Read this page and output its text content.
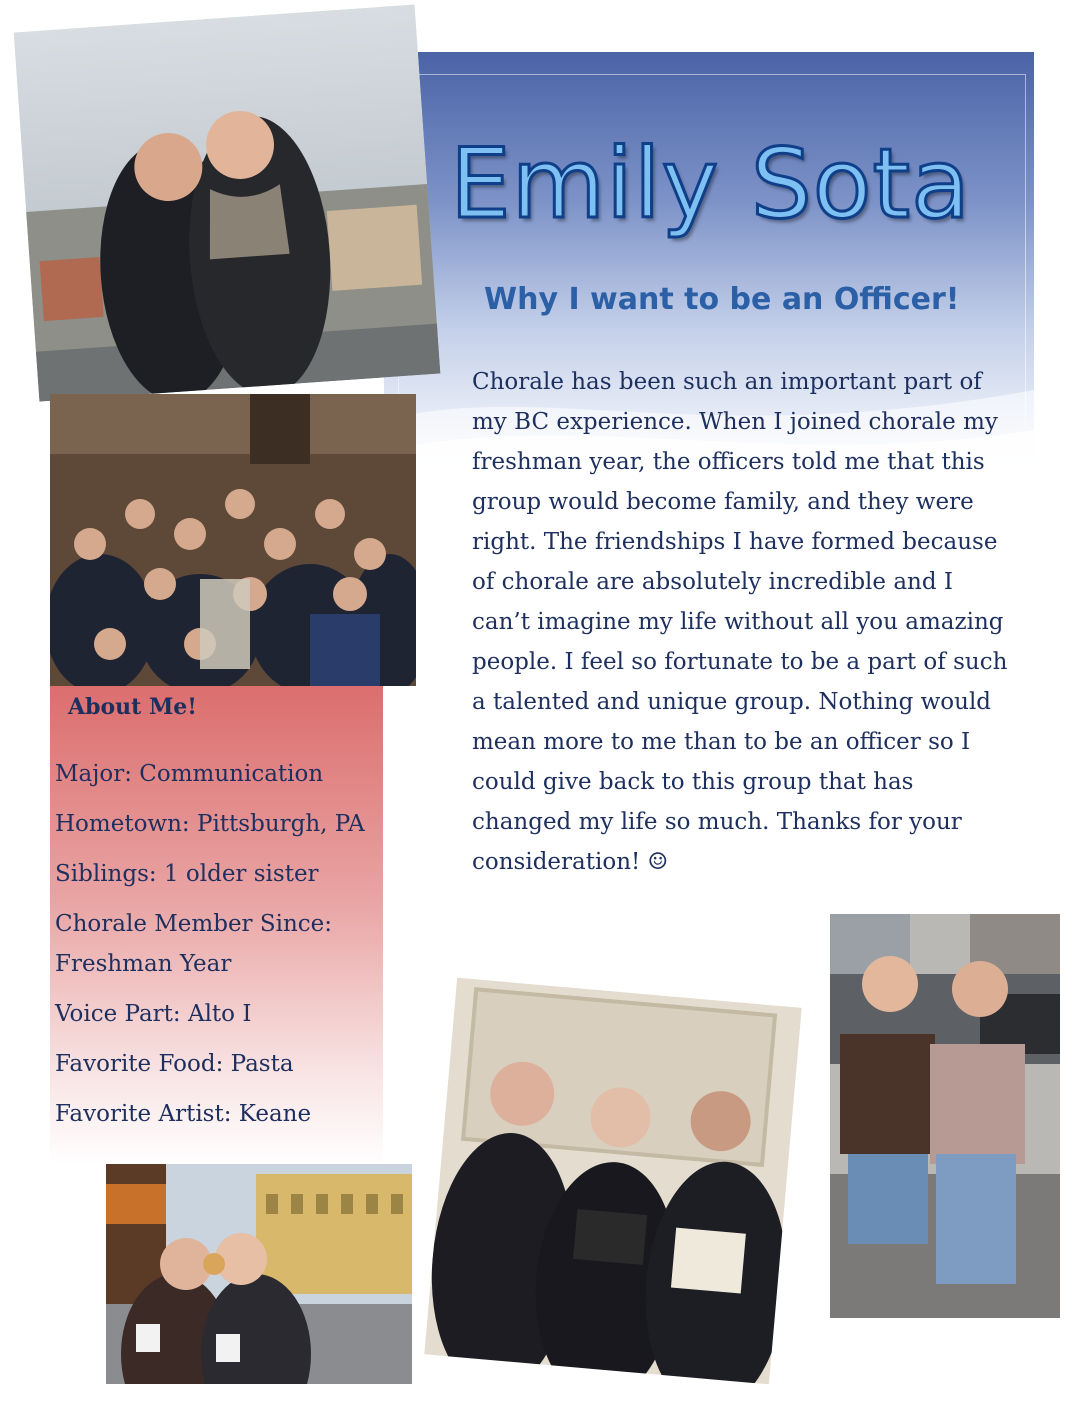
Emily Sota
Why I want to be an Officer!

Chorale has been such an important part of my BC experience. When I joined chorale my freshman year, the officers told me that this group would become family, and they were right. The friendships I have formed because of chorale are absolutely incredible and I can’t imagine my life without all you amazing people. I feel so fortunate to be a part of such a talented and unique group. Nothing would mean more to me than to be an officer so I could give back to this group that has changed my life so much. Thanks for your consideration! ☺

About Me!
Major: Communication
Hometown: Pittsburgh, PA
Siblings: 1 older sister
Chorale Member Since: Freshman Year
Voice Part: Alto I
Favorite Food: Pasta
Favorite Artist: Keane
